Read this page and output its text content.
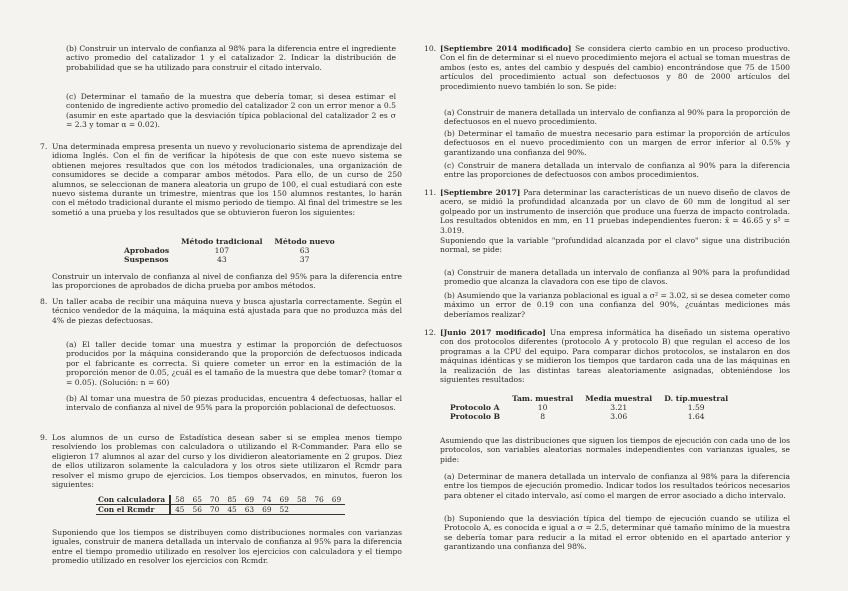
(b) Construir un intervalo de confianza al 98% para la diferencia entre el ingrediente activo promedio del catalizador 1 y el catalizador 2. Indicar la distribución de probabilidad que se ha utilizado para construir el citado intervalo.
(c) Determinar el tamaño de la muestra que debería tomar, si desea estimar el contenido de ingrediente activo promedio del catalizador 2 con un error menor a 0.5 (asumir en este apartado que la desviación típica poblacional del catalizador 2 es σ = 2.3 y tomar α = 0.02).
7. Una determinada empresa presenta un nuevo y revolucionario sistema de aprendizaje del idioma Inglés. Con el fin de verificar la hipótesis de que con este nuevo sistema se obtienen mejores resultados que con los métodos tradicionales, una organización de consumidores se decide a comparar ambos métodos. Para ello, de un curso de 250 alumnos, se seleccionan de manera aleatoria un grupo de 100, el cual estudiará con este nuevo sistema durante un trimestre, mientras que los 150 alumnos restantes, lo harán con el método tradicional durante el mismo periodo de tiempo. Al final del trimestre se les sometió a una prueba y los resultados que se obtuvieron fueron los siguientes:
	Método tradicional	Método nuevo
Aprobados	107	63
Suspensos	43	37
Construir un intervalo de confianza al nivel de confianza del 95% para la diferencia entre las proporciones de aprobados de dicha prueba por ambos métodos.
8. Un taller acaba de recibir una máquina nueva y busca ajustarla correctamente. Según el técnico vendedor de la máquina, la máquina está ajustada para que no produzca más del 4% de piezas defectuosas.
(a) El taller decide tomar una muestra y estimar la proporción de defectuosos producidos por la máquina considerando que la proporción de defectuosos indicada por el fabricante es correcta. Si quiere cometer un error en la estimación de la proporción menor de 0.05, ¿cuál es el tamaño de la muestra que debe tomar? (tomar α = 0.05). (Solución: n = 60)
(b) Al tomar una muestra de 50 piezas producidas, encuentra 4 defectuosas, hallar el intervalo de confianza al nivel de 95% para la proporción poblacional de defectuosos.
9. Los alumnos de un curso de Estadística desean saber si se emplea menos tiempo resolviendo los problemas con calculadora o utilizando el R-Commander. Para ello se eligieron 17 alumnos al azar del curso y los dividieron aleatoriamente en 2 grupos. Diez de ellos utilizaron solamente la calculadora y los otros siete utilizaron el Rcmdr para resolver el mismo grupo de ejercicios. Los tiempos observados, en minutos, fueron los siguientes:
Con calculadora	58	65	70	85	69	74	69	58	76	69
Con el Rcmdr	45	56	70	45	63	69	52			
Suponiendo que los tiempos se distribuyen como distribuciones normales con varianzas iguales, construir de manera detallada un intervalo de confianza al 95% para la diferencia entre el tiempo promedio utilizado en resolver los ejercicios con calculadora y el tiempo promedio utilizado en resolver los ejercicios con Rcmdr.
10. [Septiembre 2014 modificado] Se considera cierto cambio en un proceso productivo. Con el fin de determinar si el nuevo procedimiento mejora el actual se toman muestras de ambos (esto es, antes del cambio y después del cambio) encontrándose que 75 de 1500 artículos del procedimiento actual son defectuosos y 80 de 2000 artículos del procedimiento nuevo también lo son. Se pide:
(a) Construir de manera detallada un intervalo de confianza al 90% para la proporción de defectuosos en el nuevo procedimiento.
(b) Determinar el tamaño de muestra necesario para estimar la proporción de artículos defectuosos en el nuevo procedimiento con un margen de error inferior al 0.5% y garantizando una confianza del 90%.
(c) Construir de manera detallada un intervalo de confianza al 90% para la diferencia entre las proporciones de defectuosos con ambos procedimientos.
11. [Septiembre 2017] Para determinar las características de un nuevo diseño de clavos de acero, se midió la profundidad alcanzada por un clavo de 60 mm de longitud al ser golpeado por un instrumento de inserción que produce una fuerza de impacto controlada. Los resultados obtenidos en mm, en 11 pruebas independientes fueron: x̄ = 46.65 y s² = 3.019.
Suponiendo que la variable "profundidad alcanzada por el clavo" sigue una distribución normal, se pide:
(a) Construir de manera detallada un intervalo de confianza al 90% para la profundidad promedio que alcanza la clavadora con ese tipo de clavos.
(b) Asumiendo que la varianza poblacional es igual a σ² = 3.02, si se desea cometer como máximo un error de 0.19 con una confianza del 90%, ¿cuántas mediciones más deberíamos realizar?
12. [Junio 2017 modificado] Una empresa informática ha diseñado un sistema operativo con dos protocolos diferentes (protocolo A y protocolo B) que regulan el acceso de los programas a la CPU del equipo. Para comparar dichos protocolos, se instalaron en dos máquinas idénticas y se midieron los tiempos que tardaron cada una de las máquinas en la realización de las distintas tareas aleatoriamente asignadas, obteniéndose los siguientes resultados:
	Tam. muestral	Media muestral	D. típ.muestral
Protocolo A	10	3.21	1.59
Protocolo B	8	3.06	1.64
Asumiendo que las distribuciones que siguen los tiempos de ejecución con cada uno de los protocolos, son variables aleatorias normales independientes con varianzas iguales, se pide:
(a) Determinar de manera detallada un intervalo de confianza al 98% para la diferencia entre los tiempos de ejecución promedio. Indicar todos los resultados teóricos necesarios para obtener el citado intervalo, así como el margen de error asociado a dicho intervalo.
(b) Suponiendo que la desviación típica del tiempo de ejecución cuando se utiliza el Protocolo A, es conocida e igual a σ = 2.5, determinar qué tamaño mínimo de la muestra se debería tomar para reducir a la mitad el error obtenido en el apartado anterior y garantizando una confianza del 98%.
